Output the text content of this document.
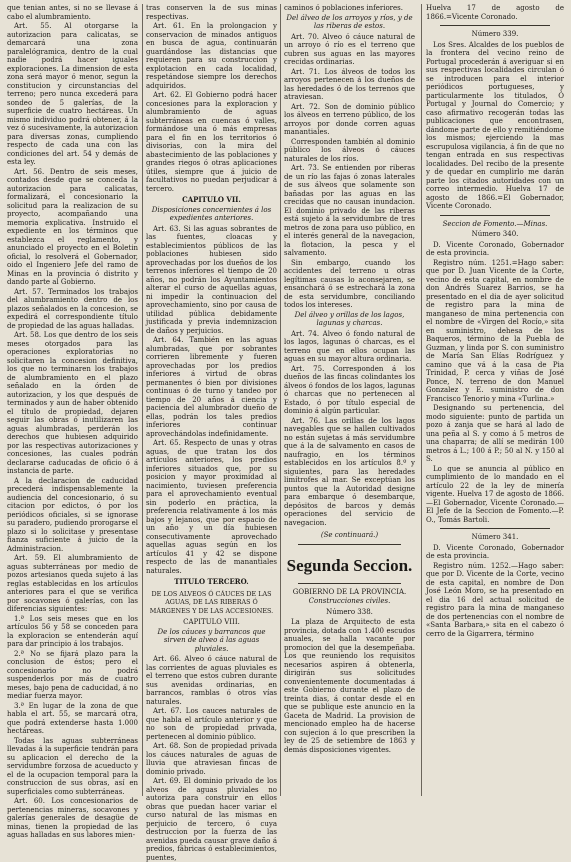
que tenian antes, si no se llevase á cabo el alumbramiento.

Art. 55. Al otorgarse la autorizacion para calicatas, se demarcará una zona paralelógramica, dentro de la cual nadie podrá hacer iguales exploraciones. La dimension de esta zona será mayor ó menor, segun la constitucion y circunstancias del terreno; pero nunca excederá para sondeo de 5 galerías, de la superficie de cuatro hectáreas. Un mismo individuo podrá obtener, á la vez ó sucesivamente, la autorizacion para diversas zonas, cumpliendo respecto de cada una con las condiciones del art. 54 y demás de esta ley.

Art. 56. Dentro de seis meses, contados desde que se conceda la autorizacion para calicatas, formalizará, el concesionario la solicitud para la realizacion de su proyecto, acompañando una memoria explicativa. Instruido el expediente en los términos que establezca el reglamento, y anunciado el proyecto en el Boletin oficial, lo resolverá el Gobernador, oido el Ingeniero Jefe del ramo de Minas en la provincia ó distrito y dando parte al Gobierno.

Art. 57. Terminados los trabajos del alumbramiento dentro de los plazos señalados en la concesion, se expedirá el correspondiente título de propiedad de las aguas halladas.

Art. 58. Los que dentro de los seis meses otorgados para las operaciones exploratorias no solicitaren la concesion definitiva, los que no terminaren los trabajos de alumbramiento en el plazo señalado en la órden de autorizacion, y los que después de terminados y aun de haber obtenido el título de propiedad, dejaren seguir las obras ó inutilizaren las aguas alumbradas, perderán los derechos que hubiesen adquirido por las respectivas autorizaciones y concesiones, las cuales podrán declararse caducadas de oficio ó á instancia de parte.

A la declaracion de caducidad precederá indispensablemente la audiencia del concesionario, ó su citacion por edictos, ó por los periódicos oficiales, si se ignorase su paradero, pudiendo prorogarse el plazo si lo solicitase y presentase fianza suficiente á juicio de la Administracion.

Art. 59. El alumbramiento de aguas subterráneas por medio de pozos artesianos queda sujeto á las reglas establecidas en los artículos anteriores para el que se verifica por socavones ó galerías, con las diferencias siguientes:

1.ª Los seis meses que en los artículos 56 y 58 se conceden para la exploracion se entenderán aquí para dar principio á los trabajos.

2.ª No se fijará plazo para la conclusion de éstos; pero el concesionario no podrá suspenderlos por más de cuatro meses, bajo pena de caducidad, á no mediar fuerza mayor.

3.ª En lugar de la zona de que habla el art. 55, se marcará otra, que podrá extenderse hasta 1.000 hectáreas.

Todas las aguas subterráneas llevadas á la superficie tendrán para su aplicacion el derecho de la servidumbre forzosa de acueducto y el de la ocupacion temporal para la construccion de sus obras, así en superficiales como subterráneas.

Art. 60. Los concesionarios de pertenencias mineras, socavones y galerías generales de desagüe de minas, tienen la propiedad de las aguas halladas en sus labores mien-

tras conserven la de sus minas respectivas.

Art. 61. En la prolongacion y conservacion de minados antiguos en busca de agua, continuarán guardándose las distancias que requieren para su construccion y explotacion en cada localidad, respetándose siempre los derechos adquiridos.

Art. 62. El Gobierno podrá hacer concesiones para la exploracion y alumbramiento de aguas subterráneas en cuencas ó valles, formándose una ó más empresas para el fin en los territorios ó divisorias, con la mira del abastecimiento de las poblaciones y grandes riegos ó otras aplicaciones útiles, siempre que á juicio de facultativos no puedan perjudicar á tercero.

CAPITULO VII.
Disposiciones concernientes á los expedientes anteriores.

Art. 63. Si las aguas sobrantes de las fuentes, cloacas y establecimientos públicos de las poblaciones hubiesen sido aprovechadas por los dueños de los terrenos inferiores el tiempo de 20 años, no podrán los Ayuntamientos alterar el curso de aquellas aguas, ni impedir la continuacion del aprovechamiento, sino por causa de utilidad pública debidamente justificada y previa indemnizacion de daños y perjuicios.

Art. 64. También en las aguas alumbradas, que por sobrantes corrieren libremente y fueren aprovechadas por los predios inferiores á virtud de obras permanentes ó bien por divisiones continuas ó de turno y tandeo por tiempo de 20 años á ciencia y paciencia del alumbrador dueño de ellas, podrán los tales predios inferiores continuar aprovechándolas indefinidamente.

Art. 65. Respecto de unas y otras aguas, de que tratan los dos artículos anteriores, los predios inferiores situados que, por su posicion y mayor proximidad al nacimiento, tuviesen preferencia para el aprovechamiento eventual sin poderlo en práctica, la preferencia relativamente á los más bajos y lejanos, que por espacio de un año y un día hubiesen consecutivamente aprovechado aquellas aguas según en los artículos 41 y 42 se dispone respecto de las de manantiales naturales.

TITULO TERCERO.
DE LOS ALVEOS Ó CÁUCES DE LAS AGUAS, DE LAS RIBERAS Ó MÁRGENES Y DE LAS ACCESIONES.
CAPITULO VIII.
De los cáuces y barrancos que sirven de alveo á las aguas pluviales.

Art. 66. Alveo ó cáuce natural de las corrientes de aguas pluviales es el terreno que estos cubren durante sus avenidas ordinarias, en barrancos, ramblas ó otros vías naturales.

Art. 67. Los cauces naturales de que habla el artículo anterior y que no son de propiedad privada, pertenecen al dominio público.

Art. 68. Son de propiedad privada los cáuces naturales de aguas de lluvia que atraviesan fincas de dominio privado.

Art. 69. El dominio privado de los alveos de aguas pluviales no autoriza para construir en ellos obras que puedan hacer variar el curso natural de las mismas en perjuicio de tercero, ó cuya destruccion por la fuerza de las avenidas pueda causar grave daño á predios, fábricas ó establecimientos, puentes,

caminos ó poblaciones inferiores.

Del álveo de los arroyos y ríos, y de las riberas de estos.

Art. 70. Alveo ó cáuce natural de un arroyo ó río es el terreno que cubren sus aguas en las mayores crecidas ordinarias.

Art. 71. Los álveos de todos los arroyos pertenecen á los dueños de las heredades ó de los terrenos que atraviesan.

Art. 72. Son de dominio público los álveos en terreno público, de los arroyos por donde corren aguas manantiales.

Corresponden también al dominio público los álveos ó cáuces naturales de los ríos.

Art. 73. Se entienden por riberas de un río las fajas ó zonas laterales de sus álveos que solamente son bañadas por las aguas en las crecidas que no causan inundacion. El dominio privado de las riberas está sujeto á la servidumbre de tres metros de zona para uso público, en el interés general de la navegacion, la flotacion, la pesca y el salvamento.

Sin embargo, cuando los accidentes del terreno u otras legítimas causas lo aconsejaren, se ensanchará ó se estrechará la zona de esta servidumbre, conciliando todos los intereses.

Del álveo y orillas de los lagos, lagunas y charcas.

Art. 74. Alveo ó fondo natural de los lagos, lagunas ó charcas, es el terreno que en ellos ocupan las aguas en su mayor altura ordinaria.

Art. 75. Corresponden á los dueños de las fincas colindantes los álveos ó fondos de los lagos, lagunas ó charcas que no pertenecen al Estado, ó por título especial de dominio á algún particular.

Art. 76. Las orillas de los lagos navegables que se hallen cultivados no están sujetas á más servidumbre que á la de salvamento en casos de naufragio, en los términos establecidos en los artículos 8.º y siguientes, para las heredades limítrofes al mar. Se exceptúan los puntos que la Autoridad designe para embarque ó desembarque, depósitos de barcos y demás operaciones del servicio de navegacion.

(Se continuará.)
Segunda Seccion.
GOBIERNO DE LA PROVINCIA.
Construcciones civiles.
Número 338.

La plaza de Arquitecto de esta provincia, dotada con 1.400 escudos anuales, se halla vacante por promocion del que la desempeñaba. Los que reuniendo los requisitos necesarios aspiren á obtenerla, dirigirán sus solicitudes convenientemente documentadas á este Gobierno durante el plazo de treinta dias, á contar desde el en que se publique este anuncio en la Gaceta de Madrid. La provision de mencionado empleo ha de hacerse con sujecion á lo que prescriben la ley de 25 de setiembre de 1863 y demás disposiciones vigentes.

Huelva 17 de agosto de 1866.=Vicente Coronado.

Número 339.

Los Sres. Alcaldes de los pueblos de la frontera del vecino reino de Portugal procederán á averiguar si en sus respectivas localidades circulan ó se introducen para el interior periódicos portugueses, y particularmente los titulados, Ó Portugal y Journal do Comercio; y caso afirmativo recogerán todas las publicaciones que encontrasen, dándome parte de ello y remitiéndome los mismos; ejerciendo la mas escrupulosa vigilancia, á fin de que no tengan entrada en sus respectivas localidades. Del recibo de la presente y de quedar en cumplirlo me darán parte los citados autoridades con un correo intermedio. Huelva 17 de agosto de 1866.=El Gobernador, Vicente Coronado.

Seccion de Fomento.—Minas.
Número 340.

D. Vicente Coronado, Gobernador de esta provincia.

Registro núm. 1251.=Hago saber: que por D. Juan Vicente de la Corte, vecino de esta capital, en nombre de don Andrés Suarez Barrios, se ha presentado en el dia de ayer solicitud de registro para la mina de manganeso de mina pertenencia con el nombre de «Virgen del Rocío,» sita en suministro, dehesa de los Baqueros, término de la Puebla de Guzman, y linda por S. con suministro de María San Elías Rodríguez y camino que vá á la casa de Pia Trinidad, P. cerca y viñas de José Ponce, N. terreno de don Manuel Gonzalez y E. suministro de don Francisco Tenorio y mina «Turlina.»

Designando su pertenencia, del modo siguiente: punto de partida un pozo á zanja que se hará al lado de una peña al S. y como á 5 metros de una chaparra; de allí se medirán 100 metros á L.; 100 á P.; 50 al N. y 150 al S.

Lo que se anuncia al público en cumplimiento de lo mandado en el artículo 22 de la ley de minería vigente. Huelva 17 de agosto de 1866.—El Gobernador, Vicente Coronado.—El Jefe de la Seccion de Fomento.—P. O., Tomás Bartoli.

Número 341.

D. Vicente Coronado, Gobernador de esta provincia.

Registro núm. 1252.—Hago saber: que por D. Vicente de la Corte, vecino de esta capital, en nombre de Don José León Moro, se ha presentado en el dia 16 del actual solicitud de registro para la mina de manganeso de dos pertenencias con el nombre de «Santa Barbara,» sita en el cabezo ó cerro de la Gigarrera, término
